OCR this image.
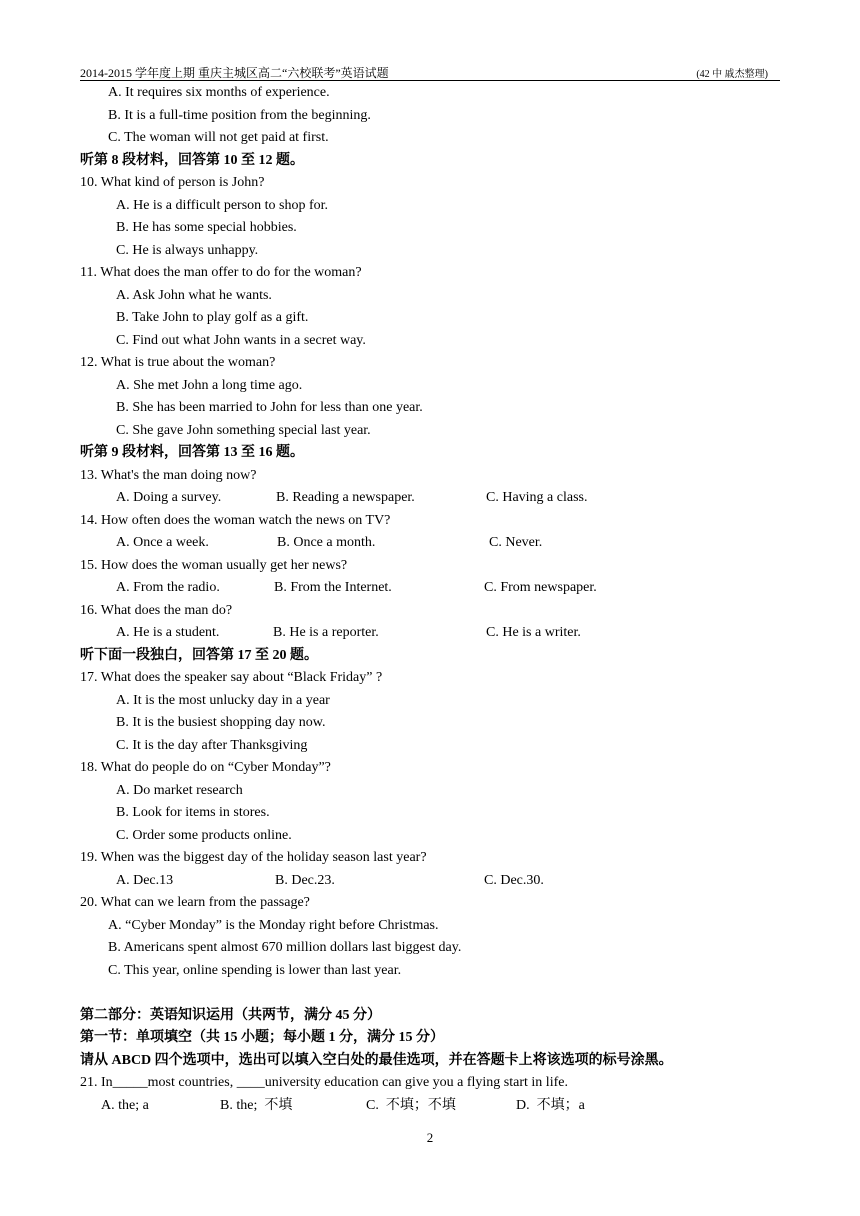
2014-2015 学年度上期 重庆主城区高二“六校联考”英语试题	(42 中 戚杰整理)
A. It requires six months of experience.
B. It is a full-time position from the beginning.
C. The woman will not get paid at first.
听第 8 段材料，回答第 10 至 12 题。
10. What kind of person is John?
A. He is a difficult person to shop for.
B. He has some special hobbies.
C. He is always unhappy.
11. What does the man offer to do for the woman?
A. Ask John what he wants.
B. Take John to play golf as a gift.
C. Find out what John wants in a secret way.
12. What is true about the woman?
A. She met John a long time ago.
B. She has been married to John for less than one year.
C. She gave John something special last year.
听第 9 段材料，回答第 13 至 16 题。
13. What's the man doing now?
A. Doing a survey.	B. Reading a newspaper.	C. Having a class.
14. How often does the woman watch the news on TV?
A. Once a week.	B. Once a month.	C. Never.
15. How does the woman usually get her news?
A. From the radio.	B. From the Internet.	C. From newspaper.
16. What does the man do?
A. He is a student.	B. He is a reporter.	C. He is a writer.
听下面一段独白，回答第 17 至 20 题。
17. What does the speaker say about “Black Friday” ?
A. It is the most unlucky day in a year
B. It is the busiest shopping day now.
C. It is the day after Thanksgiving
18. What do people do on “Cyber Monday”?
A. Do market research
B. Look for items in stores.
C. Order some products online.
19. When was the biggest day of the holiday season last year?
A. Dec.13	B. Dec.23.	C. Dec.30.
20. What can we learn from the passage?
A. “Cyber Monday” is the Monday right before Christmas.
B. Americans spent almost 670 million dollars last biggest day.
C. This year, online spending is lower than last year.
第二部分：英语知识运用（共两节，满分 45 分）
第一节：单项填空（共 15 小题；每小题 1 分，满分 15 分）
请从 ABCD 四个选项中，选出可以填入空白处的最佳选项，并在答题卡上将该选项的标号涂黑。
21. In_____most countries, ____university education can give you a flying start in life.
A. the; a	B. the;  不填	C.  不填；不填	D.  不填；a
2
